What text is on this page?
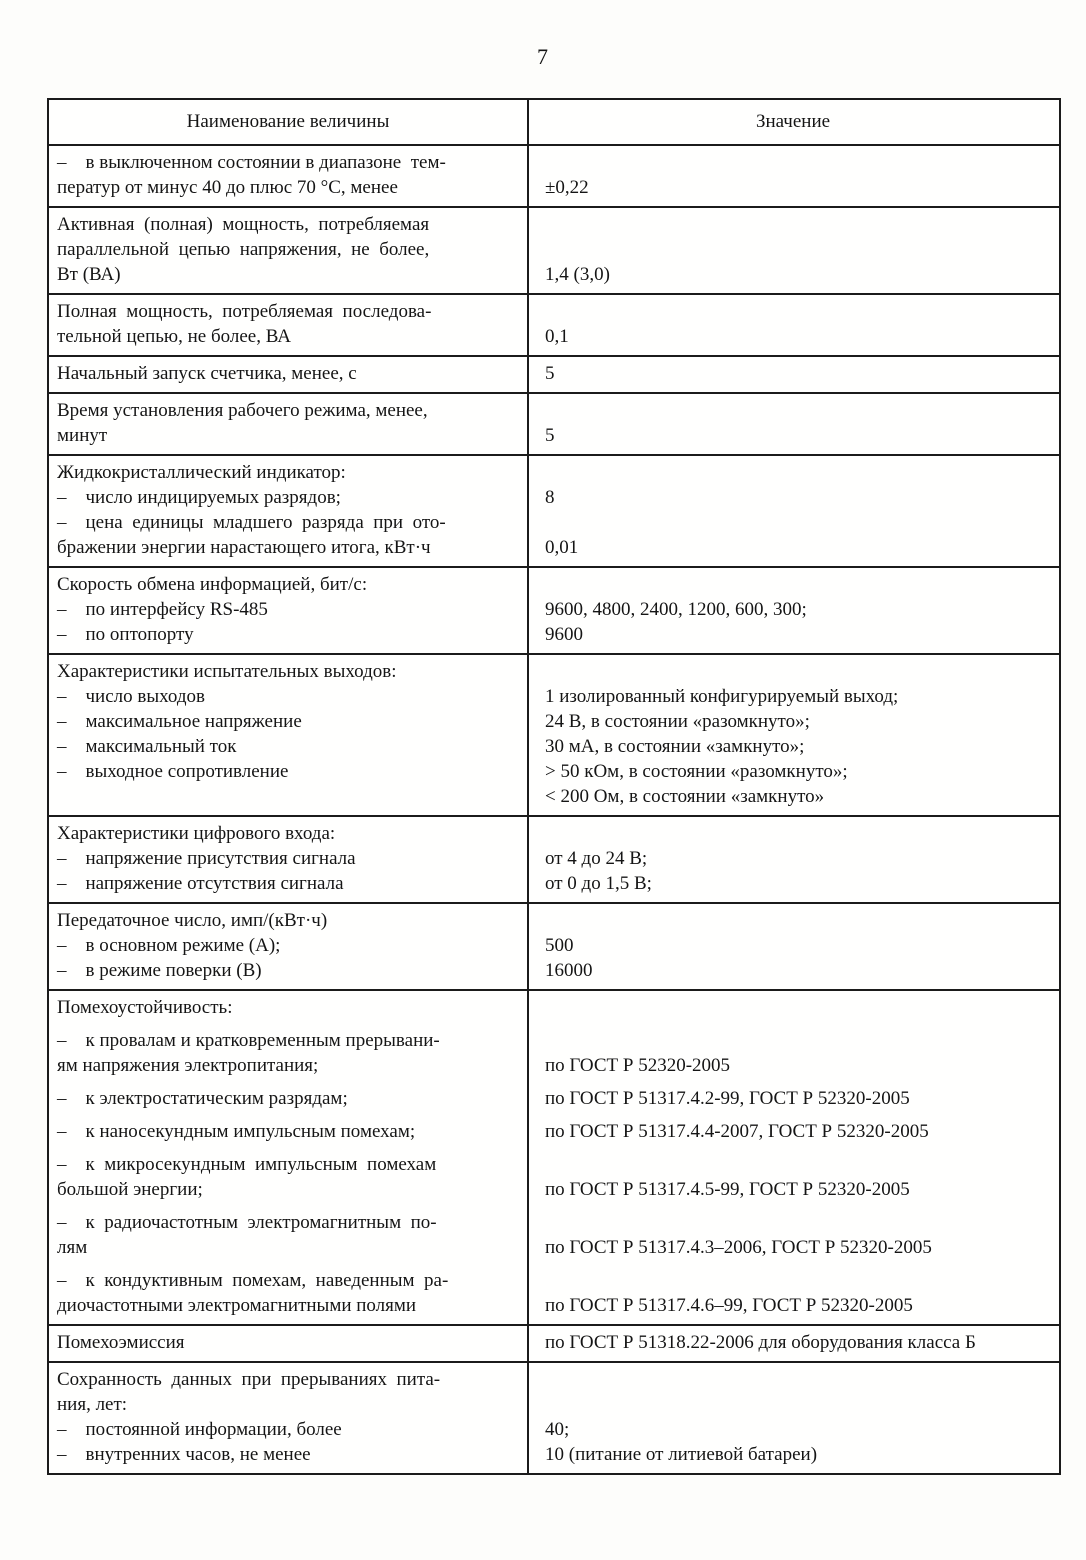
7
Наименование величины	Значение
–    в выключенном состоянии в диапазоне  тем-
ператур от минус 40 до плюс 70 °С, менее	±0,22
Активная  (полная)  мощность,  потребляемая
параллельной  цепью  напряжения,  не  более,
Вт (ВА)	1,4 (3,0)
Полная  мощность,  потребляемая  последова-
тельной цепью, не более, ВА	0,1
Начальный запуск счетчика, менее, с	5
Время установления рабочего режима, менее,
минут	5
Жидкокристаллический индикатор:
–    число индицируемых разрядов;	8
–    цена  единицы  младшего  разряда  при  ото-
бражении энергии нарастающего итога, кВт·ч	0,01
Скорость обмена информацией, бит/с:
–    по интерфейсу RS-485	9600, 4800, 2400, 1200, 600, 300;
–    по оптопорту	9600
Характеристики испытательных выходов:
–    число выходов	1 изолированный конфигурируемый выход;
–    максимальное напряжение	24 В, в состоянии «разомкнуто»;
–    максимальный ток	30 мА, в состоянии «замкнуто»;
–    выходное сопротивление	> 50 кОм, в состоянии «разомкнуто»;
< 200 Ом, в состоянии «замкнуто»
Характеристики цифрового входа:
–    напряжение присутствия сигнала	от 4 до 24 В;
–    напряжение отсутствия сигнала	от 0 до 1,5 В;
Передаточное число, имп/(кВт·ч)
–    в основном режиме (А);	500
–    в режиме поверки (В)	16000
Помехоустойчивость:
–    к провалам и кратковременным прерывани-
ям напряжения электропитания;	по ГОСТ Р 52320-2005
–    к электростатическим разрядам;	по ГОСТ Р 51317.4.2-99, ГОСТ Р 52320-2005
–    к наносекундным импульсным помехам;	по ГОСТ Р 51317.4.4-2007, ГОСТ Р 52320-2005
–    к  микросекундным  импульсным  помехам
большой энергии;	по ГОСТ Р 51317.4.5-99, ГОСТ Р 52320-2005
–    к  радиочастотным  электромагнитным  по-
лям	по ГОСТ Р 51317.4.3–2006, ГОСТ Р 52320-2005
–    к  кондуктивным  помехам,  наведенным  ра-
диочастотными электромагнитными полями	по ГОСТ Р 51317.4.6–99, ГОСТ Р 52320-2005
Помехоэмиссия	по ГОСТ Р 51318.22-2006 для оборудования класса Б
Сохранность  данных  при  прерываниях  пита-
ния, лет:
–    постоянной информации, более	40;
–    внутренних часов, не менее	10 (питание от литиевой батареи)
